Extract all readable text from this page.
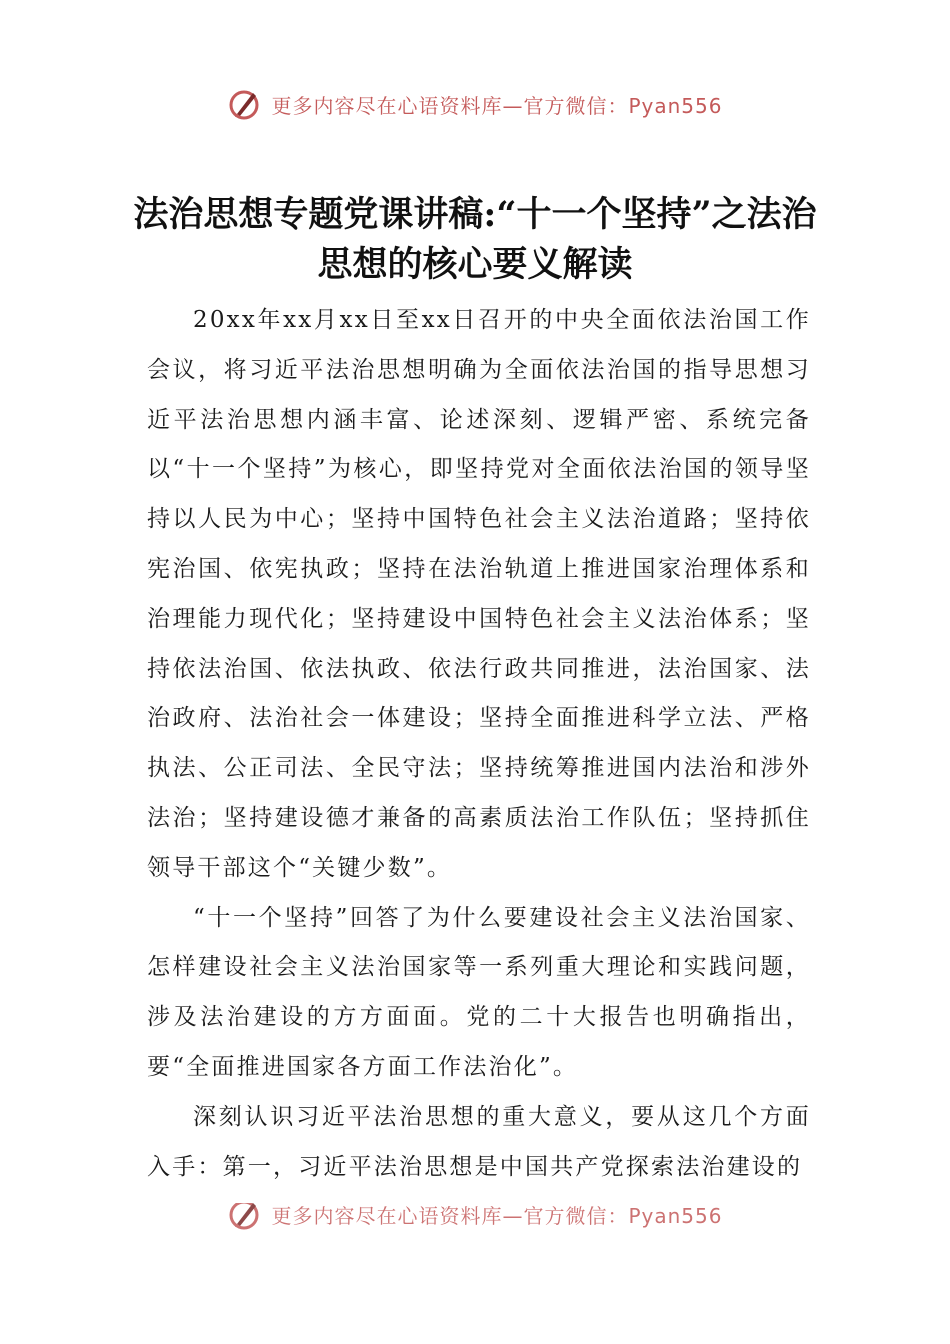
更多内容尽在心语资料库—官方微信：Pyan556
法治思想专题党课讲稿:“十一个坚持”之法治思想的核心要义解读

20xx年xx月xx日至xx日召开的中央全面依法治国工作会议，将习近平法治思想明确为全面依法治国的指导思想习近平法治思想内涵丰富、论述深刻、逻辑严密、系统完备以“十一个坚持”为核心，即坚持党对全面依法治国的领导坚持以人民为中心；坚持中国特色社会主义法治道路；坚持依宪治国、依宪执政；坚持在法治轨道上推进国家治理体系和治理能力现代化；坚持建设中国特色社会主义法治体系；坚持依法治国、依法执政、依法行政共同推进，法治国家、法治政府、法治社会一体建设；坚持全面推进科学立法、严格执法、公正司法、全民守法；坚持统筹推进国内法治和涉外法治；坚持建设德才兼备的高素质法治工作队伍；坚持抓住领导干部这个“关键少数”。

“十一个坚持”回答了为什么要建设社会主义法治国家、怎样建设社会主义法治国家等一系列重大理论和实践问题，涉及法治建设的方方面面。党的二十大报告也明确指出，要“全面推进国家各方面工作法治化”。

深刻认识习近平法治思想的重大意义，要从这几个方面入手：第一，习近平法治思想是中国共产党探索法治建设的

更多内容尽在心语资料库—官方微信：Pyan556
